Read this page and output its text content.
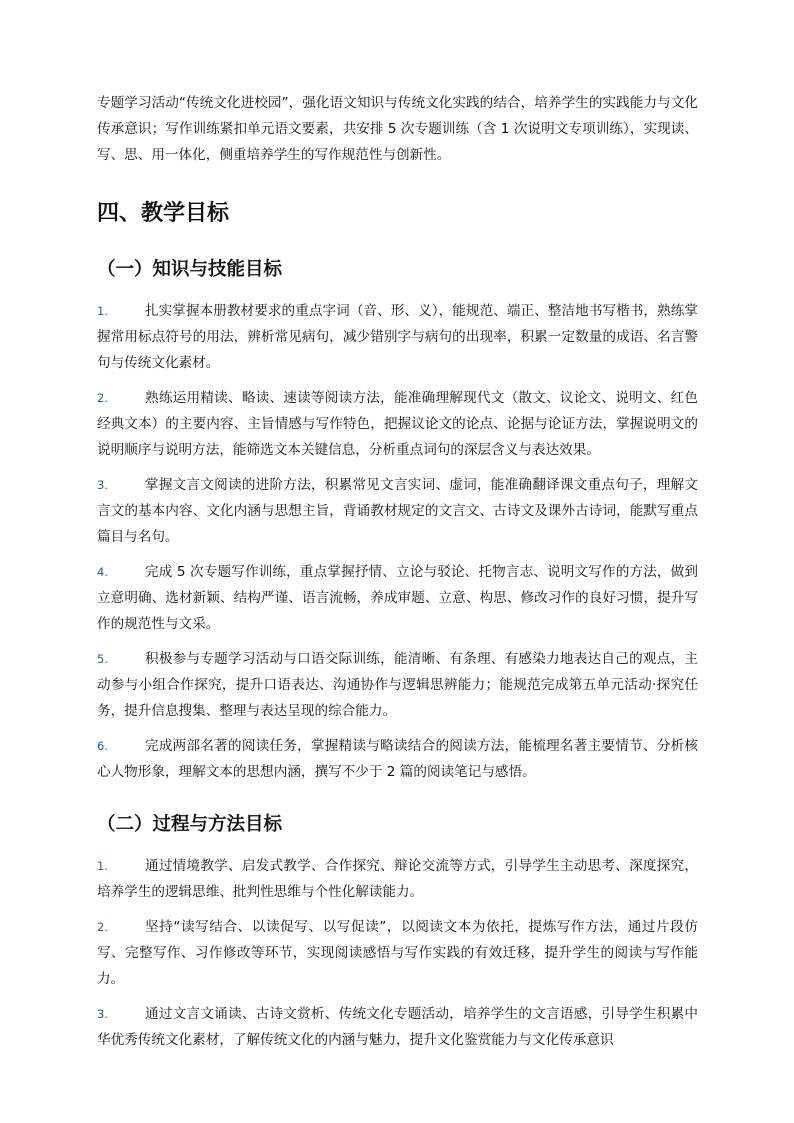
专题学习活动“传统文化进校园”，强化语文知识与传统文化实践的结合，培养学生的实践能力与文化传承意识；写作训练紧扣单元语文要素，共安排 5 次专题训练（含 1 次说明文专项训练），实现读、写、思、用一体化，侧重培养学生的写作规范性与创新性。

四、教学目标
（一）知识与技能目标
1.	扎实掌握本册教材要求的重点字词（音、形、义），能规范、端正、整洁地书写楷书，熟练掌握常用标点符号的用法，辨析常见病句，减少错别字与病句的出现率，积累一定数量的成语、名言警句与传统文化素材。

2.	熟练运用精读、略读、速读等阅读方法，能准确理解现代文（散文、议论文、说明文、红色经典文本）的主要内容、主旨情感与写作特色，把握议论文的论点、论据与论证方法，掌握说明文的说明顺序与说明方法，能筛选文本关键信息，分析重点词句的深层含义与表达效果。

3.	掌握文言文阅读的进阶方法，积累常见文言实词、虚词，能准确翻译课文重点句子，理解文言文的基本内容、文化内涵与思想主旨，背诵教材规定的文言文、古诗文及课外古诗词，能默写重点篇目与名句。

4.	完成 5 次专题写作训练，重点掌握抒情、立论与驳论、托物言志、说明文写作的方法，做到立意明确、选材新颖、结构严谨、语言流畅，养成审题、立意、构思、修改习作的良好习惯，提升写作的规范性与文采。

5.	积极参与专题学习活动与口语交际训练，能清晰、有条理、有感染力地表达自己的观点，主动参与小组合作探究，提升口语表达、沟通协作与逻辑思辨能力；能规范完成第五单元活动·探究任务，提升信息搜集、整理与表达呈现的综合能力。

6.	完成两部名著的阅读任务，掌握精读与略读结合的阅读方法，能梳理名著主要情节、分析核心人物形象，理解文本的思想内涵，撰写不少于 2 篇的阅读笔记与感悟。

（二）过程与方法目标
1.	通过情境教学、启发式教学、合作探究、辩论交流等方式，引导学生主动思考、深度探究，培养学生的逻辑思维、批判性思维与个性化解读能力。

2.	坚持“读写结合、以读促写、以写促读”，以阅读文本为依托，提炼写作方法，通过片段仿写、完整写作、习作修改等环节，实现阅读感悟与写作实践的有效迁移，提升学生的阅读与写作能力。

3.	通过文言文诵读、古诗文赏析、传统文化专题活动，培养学生的文言语感，引导学生积累中华优秀传统文化素材，了解传统文化的内涵与魅力，提升文化鉴赏能力与文化传承意识
